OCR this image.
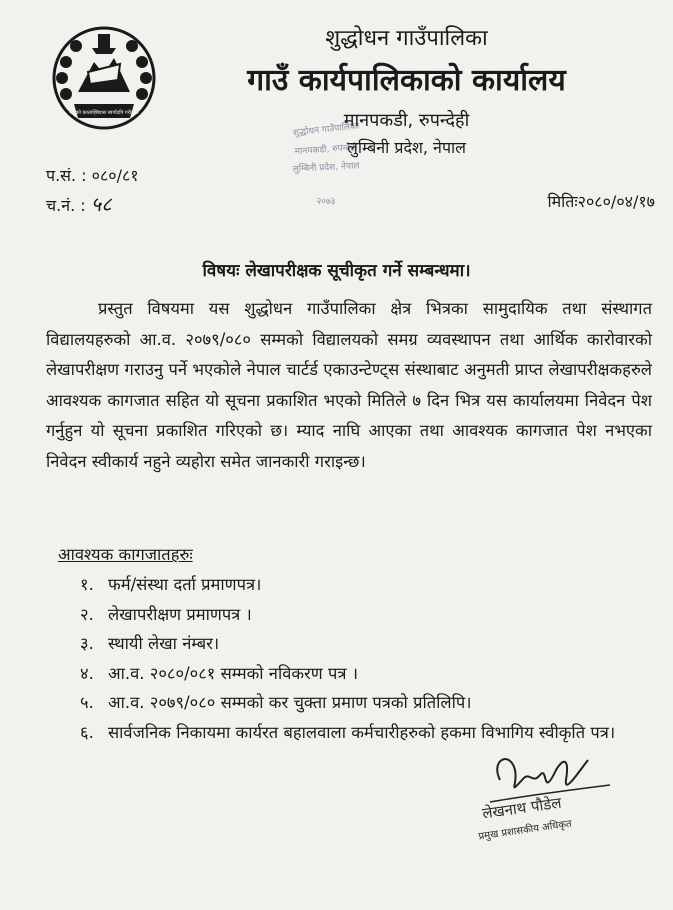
जनको कालाह्बिवास स्वर्गादपि गरीयसी
शुद्धोधन गाउँपालिका
गाउँ कार्यपालिकाको कार्यालय
मानपकडी, रुपन्देही
लुम्बिनी प्रदेश, नेपाल
शुद्धोधन गाउँपालिका
मानपकडी, रुपन्देही
लुम्बिनी प्रदेश, नेपाल
२०७३
प.सं. : ०८०/८१
च.नं. : ५८	मितिः२०८०/०४/१७
विषयः लेखापरीक्षक सूचीकृत गर्ने सम्बन्धमा।
प्रस्तुत विषयमा यस शुद्धोधन गाउँपालिका क्षेत्र भित्रका सामुदायिक तथा संस्थागत विद्यालयहरुको आ.व. २०७९/०८० सम्मको विद्यालयको समग्र व्यवस्थापन तथा आर्थिक कारोवारको लेखापरीक्षण गराउनु पर्ने भएकोले नेपाल चार्टर्ड एकाउन्टेण्ट्स संस्थाबाट अनुमती प्राप्त लेखापरीक्षकहरुले आवश्यक कागजात सहित यो सूचना प्रकाशित भएको मितिले ७ दिन भित्र यस कार्यालयमा निवेदन पेश गर्नुहुन यो सूचना प्रकाशित गरिएको छ। म्याद नाघि आएका तथा आवश्यक कागजात पेश नभएका निवेदन स्वीकार्य नहुने व्यहोरा समेत जानकारी गराइन्छ।
आवश्यक कागजातहरुः
१. फर्म/संस्था दर्ता प्रमाणपत्र।
२. लेखापरीक्षण प्रमाणपत्र ।
३. स्थायी लेखा नंम्बर।
४. आ.व. २०८०/०८१ सम्मको नविकरण पत्र ।
५. आ.व. २०७९/०८० सम्मको कर चुक्ता प्रमाण पत्रको प्रतिलिपि।
६. सार्वजनिक निकायमा कार्यरत बहालवाला कर्मचारीहरुको हकमा विभागिय स्वीकृति पत्र।
लेखनाथ पौडेल
प्रमुख प्रशासकीय अधिकृत
